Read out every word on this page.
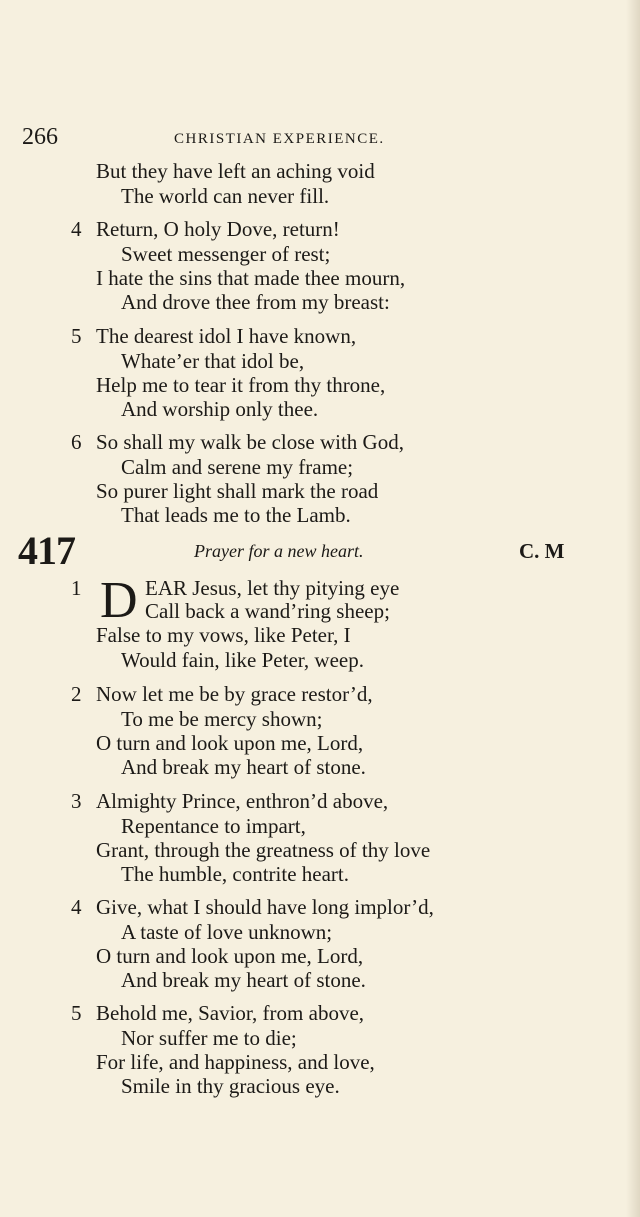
266	CHRISTIAN EXPERIENCE.
But they have left an aching void
The world can never fill.
4 Return, O holy Dove, return!
Sweet messenger of rest;
I hate the sins that made thee mourn,
And drove thee from my breast:
5 The dearest idol I have known,
Whate’er that idol be,
Help me to tear it from thy throne,
And worship only thee.
6 So shall my walk be close with God,
Calm and serene my frame;
So purer light shall mark the road
That leads me to the Lamb.
417	Prayer for a new heart.	C. M
D
1	EAR Jesus, let thy pitying eye
Call back a wand’ring sheep;
False to my vows, like Peter, I
Would fain, like Peter, weep.
2 Now let me be by grace restor’d,
To me be mercy shown;
O turn and look upon me, Lord,
And break my heart of stone.
3 Almighty Prince, enthron’d above,
Repentance to impart,
Grant, through the greatness of thy love
The humble, contrite heart.
4 Give, what I should have long implor’d,
A taste of love unknown;
O turn and look upon me, Lord,
And break my heart of stone.
5 Behold me, Savior, from above,
Nor suffer me to die;
For life, and happiness, and love,
Smile in thy gracious eye.
